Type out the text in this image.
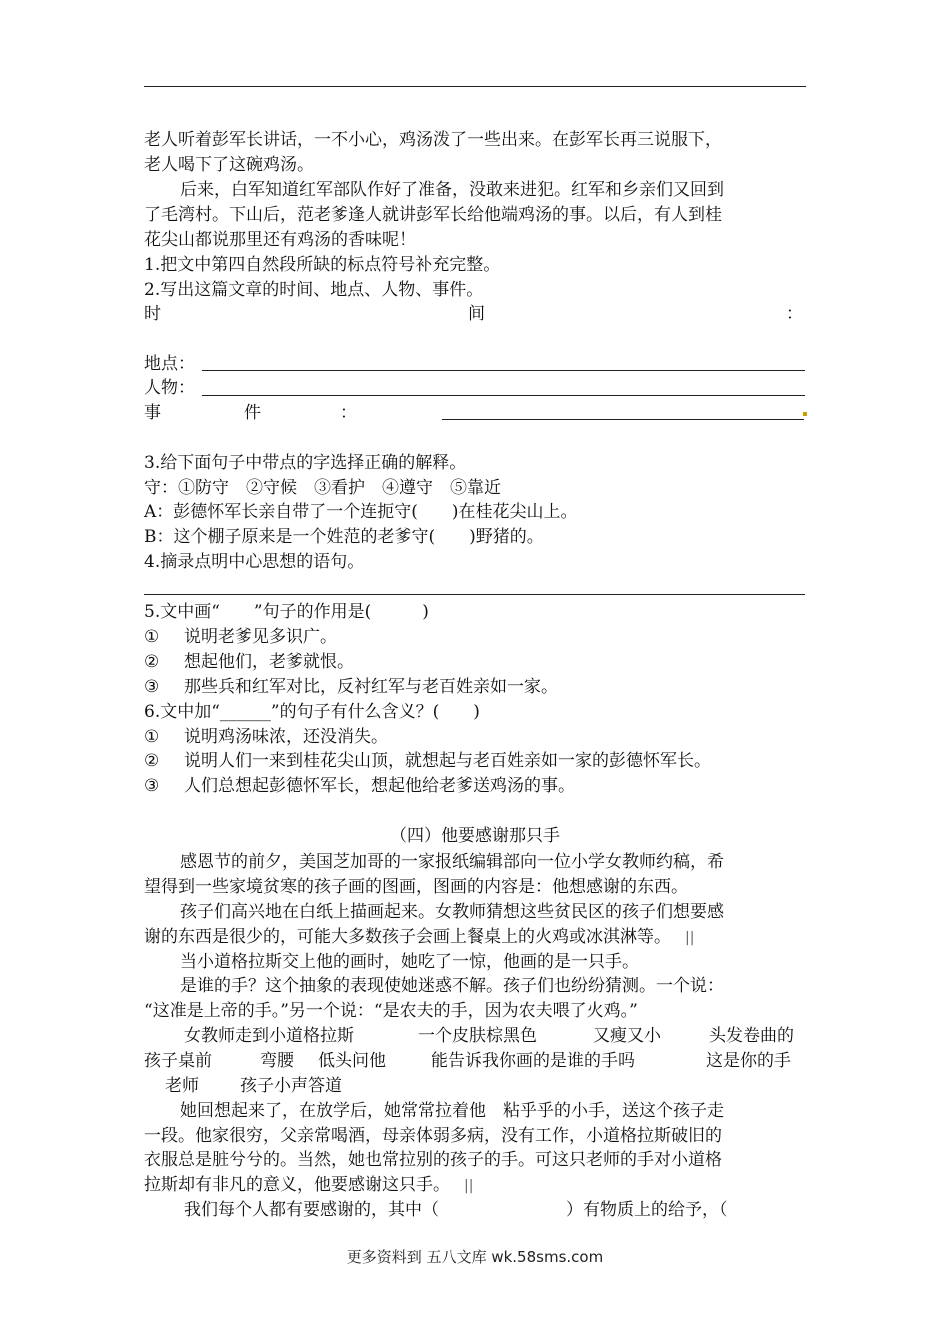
老人听着彭军长讲话，一不小心，鸡汤泼了一些出来。在彭军长再三说服下，
老人喝下了这碗鸡汤。
后来，白军知道红军部队作好了准备，没敢来进犯。红军和乡亲们又回到
了毛湾村。下山后，范老爹逢人就讲彭军长给他端鸡汤的事。以后，有人到桂
花尖山都说那里还有鸡汤的香味呢！
1.把文中第四自然段所缺的标点符号补充完整。
2.写出这篇文章的时间、地点、人物、事件。
时	间	：
地点：
人物：
事	件	：
3.给下面句子中带点的字选择正确的解释。
守：①防守　②守候　③看护　④遵守　⑤靠近
A：彭德怀军长亲自带了一个连扼守(　　)在桂花尖山上。
B：这个棚子原来是一个姓范的老爹守(　　)野猪的。
4.摘录点明中心思想的语句。
5.文中画“　　”句子的作用是(　　　)
① 说明老爹见多识广。
② 想起他们，老爹就恨。
③ 那些兵和红军对比，反衬红军与老百姓亲如一家。
6.文中加“______”的句子有什么含义？(　　)
① 说明鸡汤味浓，还没消失。
② 说明人们一来到桂花尖山顶，就想起与老百姓亲如一家的彭德怀军长。
③ 人们总想起彭德怀军长，想起他给老爹送鸡汤的事。
（四）他要感谢那只手
感恩节的前夕，美国芝加哥的一家报纸编辑部向一位小学女教师约稿，希
望得到一些家境贫寒的孩子画的图画，图画的内容是：他想感谢的东西。
孩子们高兴地在白纸上描画起来。女教师猜想这些贫民区的孩子们想要感
谢的东西是很少的，可能大多数孩子会画上餐桌上的火鸡或冰淇淋等。 ||
当小道格拉斯交上他的画时，她吃了一惊，他画的是一只手。
是谁的手？这个抽象的表现使她迷惑不解。孩子们也纷纷猜测。一个说：
“这准是上帝的手。”另一个说：“是农夫的手，因为农夫喂了火鸡。”
女教师走到小道格拉斯	一个皮肤棕黑色	又瘦又小	头发卷曲的
孩子桌前	弯腰 低头问他	能告诉我你画的是谁的手吗	这是你的手
老师 孩子小声答道
她回想起来了，在放学后，她常常拉着他　粘乎乎的小手，送这个孩子走
一段。他家很穷，父亲常喝酒，母亲体弱多病，没有工作，小道格拉斯破旧的
衣服总是脏兮兮的。当然，她也常拉别的孩子的手。可这只老师的手对小道格
拉斯却有非凡的意义，他要感谢这只手。 ||
我们每个人都有要感谢的，其中（	）有物质上的给予，（
更多资料到 五八文库 wk.58sms.com
